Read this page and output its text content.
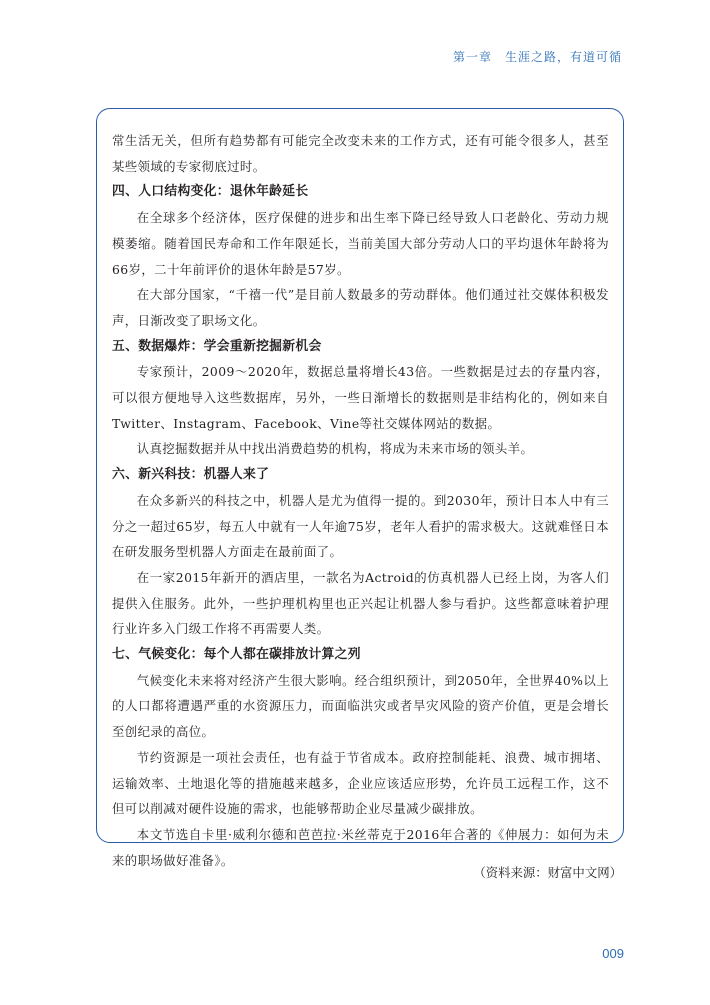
第一章　生涯之路，有道可循

常生活无关，但所有趋势都有可能完全改变未来的工作方式，还有可能令很多人，甚至某些领域的专家彻底过时。

四、人口结构变化：退休年龄延长

在全球多个经济体，医疗保健的进步和出生率下降已经导致人口老龄化、劳动力规模萎缩。随着国民寿命和工作年限延长，当前美国大部分劳动人口的平均退休年龄将为66岁，二十年前评价的退休年龄是57岁。

在大部分国家，“千禧一代”是目前人数最多的劳动群体。他们通过社交媒体积极发声，日渐改变了职场文化。

五、数据爆炸：学会重新挖掘新机会

专家预计，2009～2020年，数据总量将增长43倍。一些数据是过去的存量内容，可以很方便地导入这些数据库，另外，一些日渐增长的数据则是非结构化的，例如来自Twitter、Instagram、Facebook、Vine等社交媒体网站的数据。

认真挖掘数据并从中找出消费趋势的机构，将成为未来市场的领头羊。

六、新兴科技：机器人来了

在众多新兴的科技之中，机器人是尤为值得一提的。到2030年，预计日本人中有三分之一超过65岁，每五人中就有一人年逾75岁，老年人看护的需求极大。这就难怪日本在研发服务型机器人方面走在最前面了。

在一家2015年新开的酒店里，一款名为Actroid的仿真机器人已经上岗，为客人们提供入住服务。此外，一些护理机构里也正兴起让机器人参与看护。这些都意味着护理行业许多入门级工作将不再需要人类。

七、气候变化：每个人都在碳排放计算之列

气候变化未来将对经济产生很大影响。经合组织预计，到2050年，全世界40%以上的人口都将遭遇严重的水资源压力，而面临洪灾或者旱灾风险的资产价值，更是会增长至创纪录的高位。

节约资源是一项社会责任，也有益于节省成本。政府控制能耗、浪费、城市拥堵、运输效率、土地退化等的措施越来越多，企业应该适应形势，允许员工远程工作，这不但可以削减对硬件设施的需求，也能够帮助企业尽量减少碳排放。

本文节选自卡里·威利尔德和芭芭拉·米丝蒂克于2016年合著的《伸展力：如何为未来的职场做好准备》。

（资料来源：财富中文网）
009
